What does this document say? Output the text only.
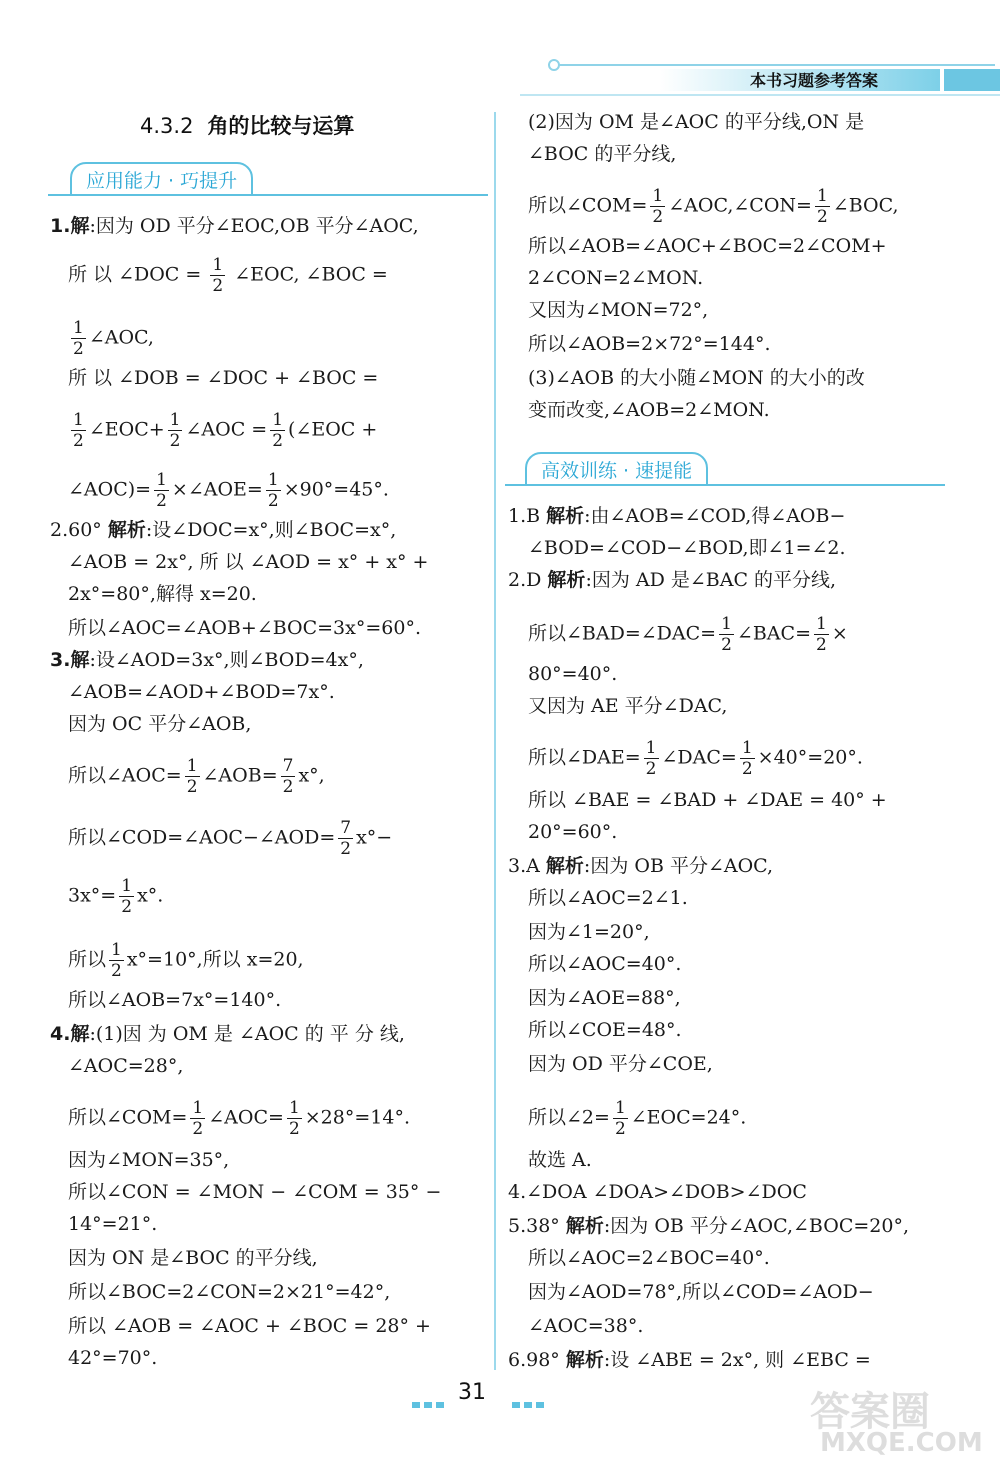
本书习题参考答案
4.3.2 角的比较与运算
应用能力 · 巧提升
高效训练 · 速提能
1.解:因为 OD 平分∠EOC,OB 平分∠AOC,
所 以 ∠DOC = $\frac{1}{2}$ ∠EOC, ∠BOC =
$\frac{1}{2}$ ∠AOC,
所 以 ∠DOB = ∠DOC + ∠BOC =
$\frac{1}{2}$ ∠EOC+ $\frac{1}{2}$ ∠AOC = $\frac{1}{2}$ (∠EOC +
∠AOC)= $\frac{1}{2}$ ×∠AOE= $\frac{1}{2} \times 90^\circ=45^\circ$.
2.60° 解析:设∠DOC=x°,则∠BOC=x°,
∠AOB = 2x°, 所 以 ∠AOD = x° + x° +
2x°=80°,解得 x=20.
所以∠AOC=∠AOB+∠BOC=3x°=60°.
3.解:设∠AOD=3x°,则∠BOD=4x°,
∠AOB=∠AOD+∠BOD=7x°.
因为 OC 平分∠AOB,
所以∠AOC= $\frac{1}{2}$ ∠AOB= $\frac{7}{2} x^\circ$,
所以∠COD=∠AOC−∠AOD= $\frac{7}{2} x^\circ-$
$3x^\circ= \frac{1}{2} x^\circ$.
所以 $\frac{1}{2} x^\circ=10^\circ$,所以 x=20,
所以∠AOB=7x°=140°.
4.解:(1)因 为 OM 是 ∠AOC 的 平 分 线,
∠AOC=28°,
所以∠COM= $\frac{1}{2}$ ∠AOC= $\frac{1}{2} \times 28^\circ=14^\circ$.
因为∠MON=35°,
所以∠CON = ∠MON − ∠COM = 35° −
14°=21°.
因为 ON 是∠BOC 的平分线,
所以∠BOC=2∠CON=2×21°=42°,
所以 ∠AOB = ∠AOC + ∠BOC = 28° +
42°=70°.
(2)因为 OM 是∠AOC 的平分线,ON 是
∠BOC 的平分线,
所以∠COM= $\frac{1}{2}$ ∠AOC,∠CON= $\frac{1}{2}$ ∠BOC,
所以∠AOB=∠AOC+∠BOC=2∠COM+
2∠CON=2∠MON.
又因为∠MON=72°,
所以∠AOB=2×72°=144°.
(3)∠AOB 的大小随∠MON 的大小的改
变而改变,∠AOB=2∠MON.
1.B 解析:由∠AOB=∠COD,得∠AOB−
∠BOD=∠COD−∠BOD,即∠1=∠2.
2.D 解析:因为 AD 是∠BAC 的平分线,
所以∠BAD=∠DAC= $\frac{1}{2}$ ∠BAC= $\frac{1}{2}$ ×
80°=40°.
又因为 AE 平分∠DAC,
所以∠DAE= $\frac{1}{2}$ ∠DAC= $\frac{1}{2} \times 40^\circ=20^\circ$.
所以 ∠BAE = ∠BAD + ∠DAE = 40° +
20°=60°.
3.A 解析:因为 OB 平分∠AOC,
所以∠AOC=2∠1.
因为∠1=20°,
所以∠AOC=40°.
因为∠AOE=88°,
所以∠COE=48°.
因为 OD 平分∠COE,
所以∠2= $\frac{1}{2}$ ∠EOC=24°.
故选 A.
4.∠DOA ∠DOA>∠DOB>∠DOC
5.38° 解析:因为 OB 平分∠AOC,∠BOC=20°,
所以∠AOC=2∠BOC=40°.
因为∠AOD=78°,所以∠COD=∠AOD−
∠AOC=38°.
6.98° 解析:设 ∠ABE = 2x°, 则 ∠EBC =
31	答案圈
MXQE.COM
